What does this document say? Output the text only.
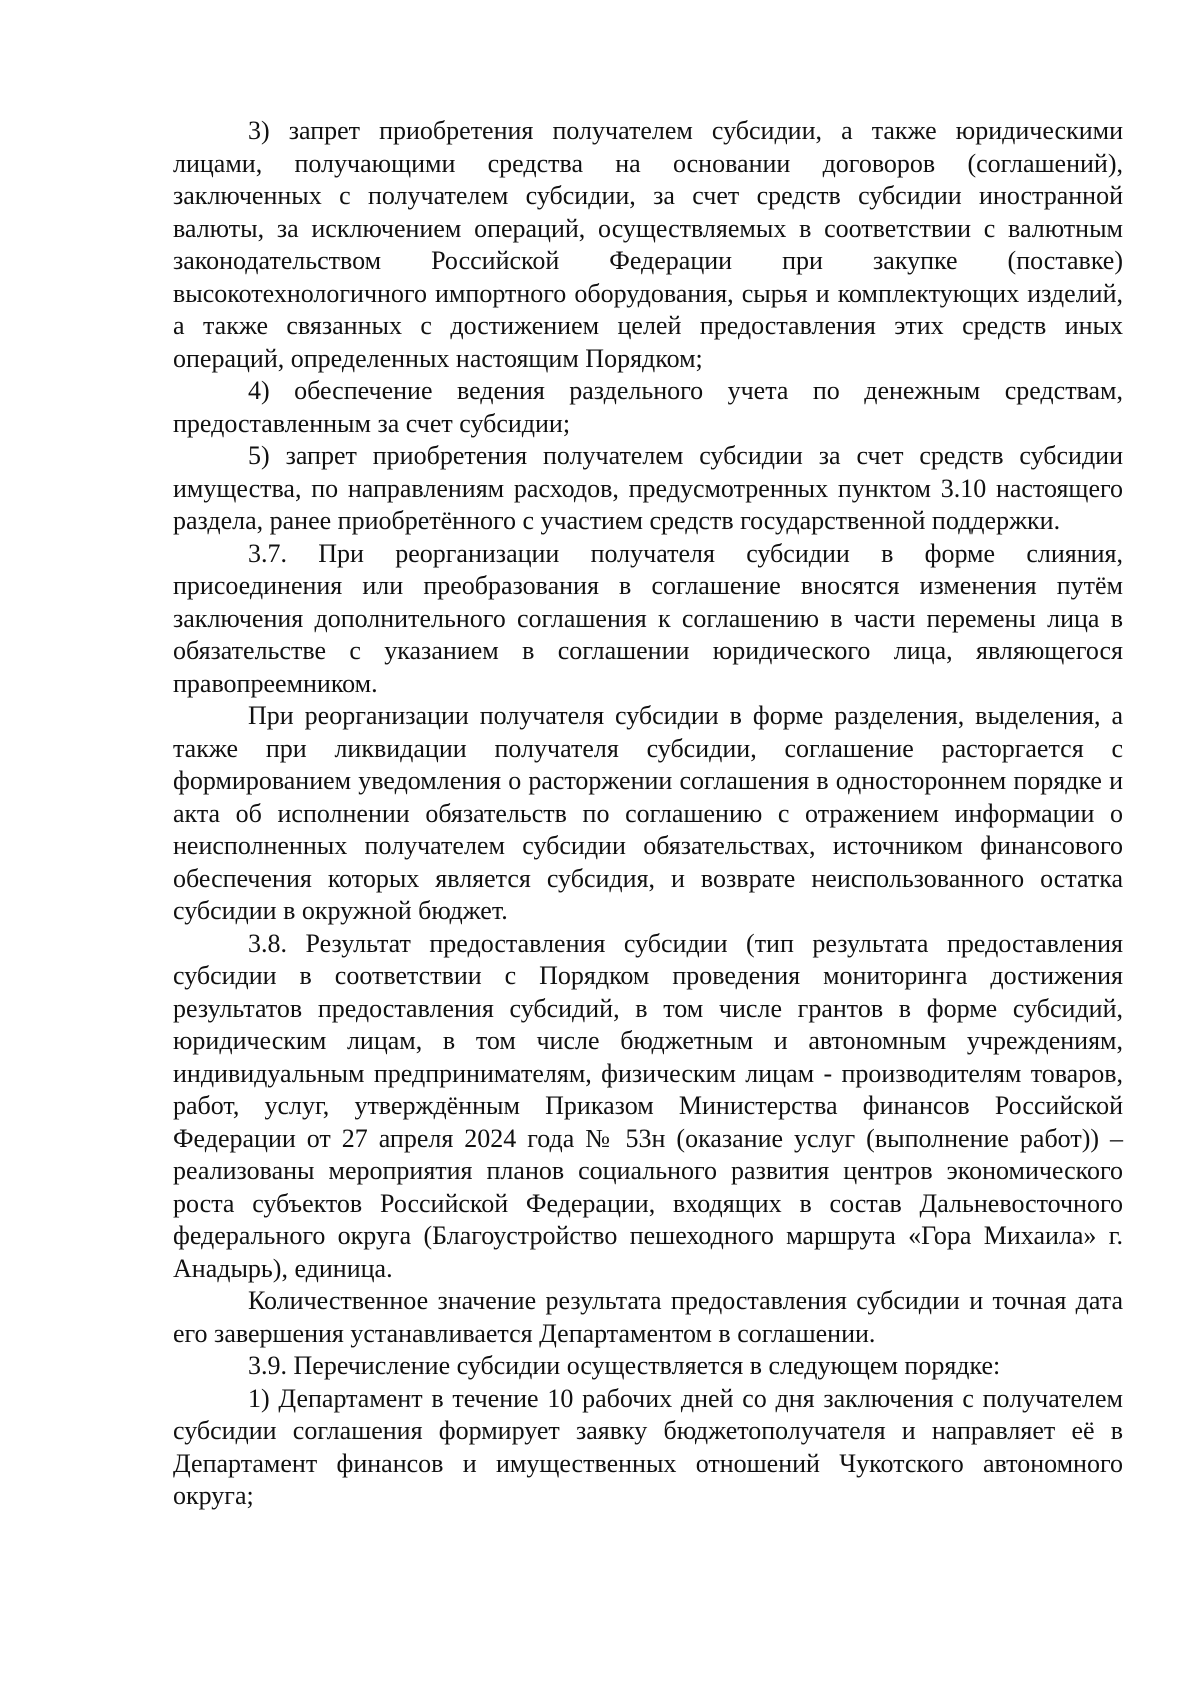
3) запрет приобретения получателем субсидии, а также юридическими лицами, получающими средства на основании договоров (соглашений), заключенных с получателем субсидии, за счет средств субсидии иностранной валюты, за исключением операций, осуществляемых в соответствии с валютным законодательством Российской Федерации при закупке (поставке) высокотехнологичного импортного оборудования, сырья и комплектующих изделий, а также связанных с достижением целей предоставления этих средств иных операций, определенных настоящим Порядком;

4) обеспечение ведения раздельного учета по денежным средствам, предоставленным за счет субсидии;

5) запрет приобретения получателем субсидии за счет средств субсидии имущества, по направлениям расходов, предусмотренных пунктом 3.10 настоящего раздела, ранее приобретённого с участием средств государственной поддержки.

3.7. При реорганизации получателя субсидии в форме слияния, присоединения или преобразования в соглашение вносятся изменения путём заключения дополнительного соглашения к соглашению в части перемены лица в обязательстве с указанием в соглашении юридического лица, являющегося правопреемником.

При реорганизации получателя субсидии в форме разделения, выделения, а также при ликвидации получателя субсидии, соглашение расторгается с формированием уведомления о расторжении соглашения в одностороннем порядке и акта об исполнении обязательств по соглашению с отражением информации о неисполненных получателем субсидии обязательствах, источником финансового обеспечения которых является субсидия, и возврате неиспользованного остатка субсидии в окружной бюджет.

3.8. Результат предоставления субсидии (тип результата предоставления субсидии в соответствии с Порядком проведения мониторинга достижения результатов предоставления субсидий, в том числе грантов в форме субсидий, юридическим лицам, в том числе бюджетным и автономным учреждениям, индивидуальным предпринимателям, физическим лицам - производителям товаров, работ, услуг, утверждённым Приказом Министерства финансов Российской Федерации от 27 апреля 2024 года № 53н (оказание услуг (выполнение работ)) – реализованы мероприятия планов социального развития центров экономического роста субъектов Российской Федерации, входящих в состав Дальневосточного федерального округа (Благоустройство пешеходного маршрута «Гора Михаила» г. Анадырь), единица.

Количественное значение результата предоставления субсидии и точная дата его завершения устанавливается Департаментом в соглашении.

3.9. Перечисление субсидии осуществляется в следующем порядке:

1) Департамент в течение 10 рабочих дней со дня заключения с получателем субсидии соглашения формирует заявку бюджетополучателя и направляет её в Департамент финансов и имущественных отношений Чукотского автономного округа;
